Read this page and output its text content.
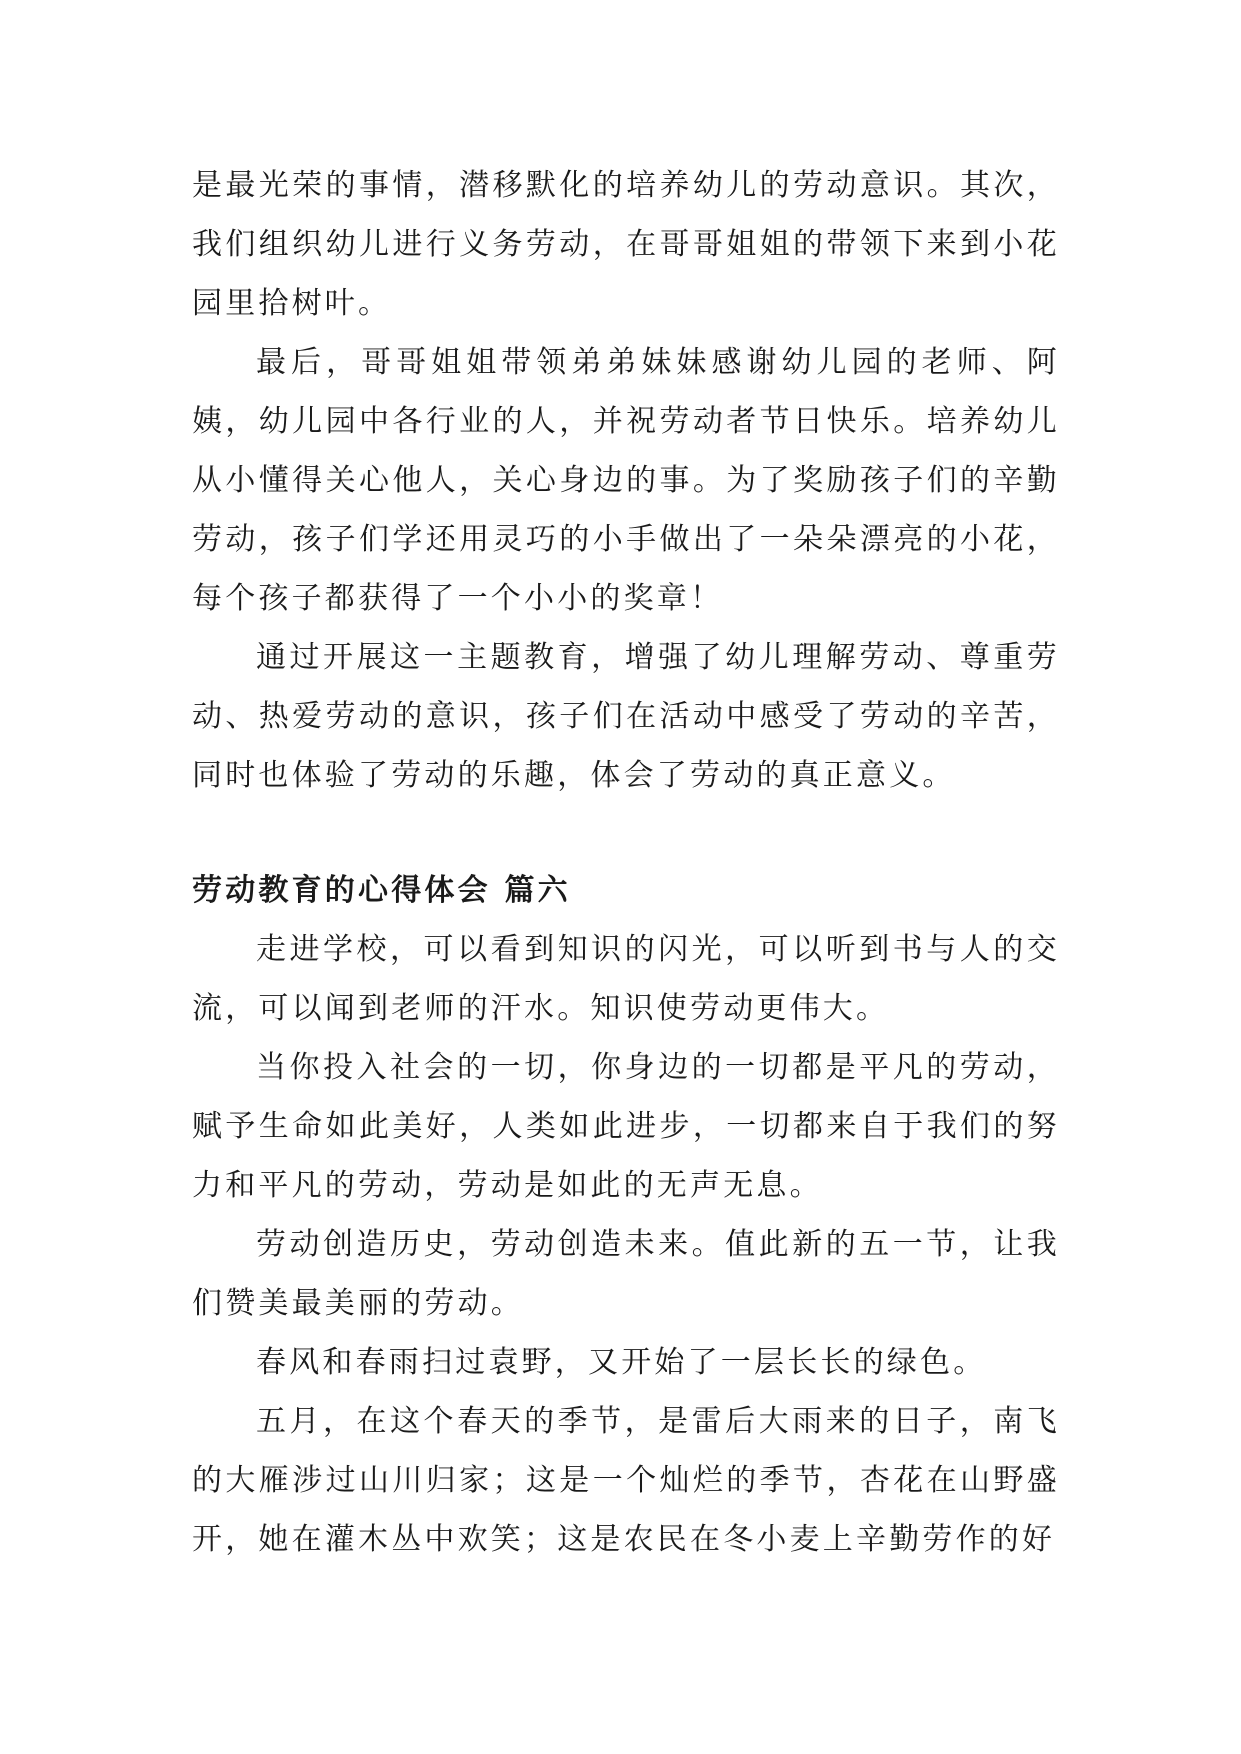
是最光荣的事情，潜移默化的培养幼儿的劳动意识。其次，我们组织幼儿进行义务劳动，在哥哥姐姐的带领下来到小花园里拾树叶。

最后，哥哥姐姐带领弟弟妹妹感谢幼儿园的老师、阿姨，幼儿园中各行业的人，并祝劳动者节日快乐。培养幼儿从小懂得关心他人，关心身边的事。为了奖励孩子们的辛勤劳动，孩子们学还用灵巧的小手做出了一朵朵漂亮的小花，每个孩子都获得了一个小小的奖章！

通过开展这一主题教育，增强了幼儿理解劳动、尊重劳动、热爱劳动的意识，孩子们在活动中感受了劳动的辛苦，同时也体验了劳动的乐趣，体会了劳动的真正意义。

劳动教育的心得体会 篇六

走进学校，可以看到知识的闪光，可以听到书与人的交流，可以闻到老师的汗水。知识使劳动更伟大。

当你投入社会的一切，你身边的一切都是平凡的劳动，赋予生命如此美好，人类如此进步，一切都来自于我们的努力和平凡的劳动，劳动是如此的无声无息。

劳动创造历史，劳动创造未来。值此新的五一节，让我们赞美最美丽的劳动。

春风和春雨扫过袁野，又开始了一层长长的绿色。

五月，在这个春天的季节，是雷后大雨来的日子，南飞的大雁涉过山川归家；这是一个灿烂的季节，杏花在山野盛开，她在灌木丛中欢笑；这是农民在冬小麦上辛勤劳作的好
